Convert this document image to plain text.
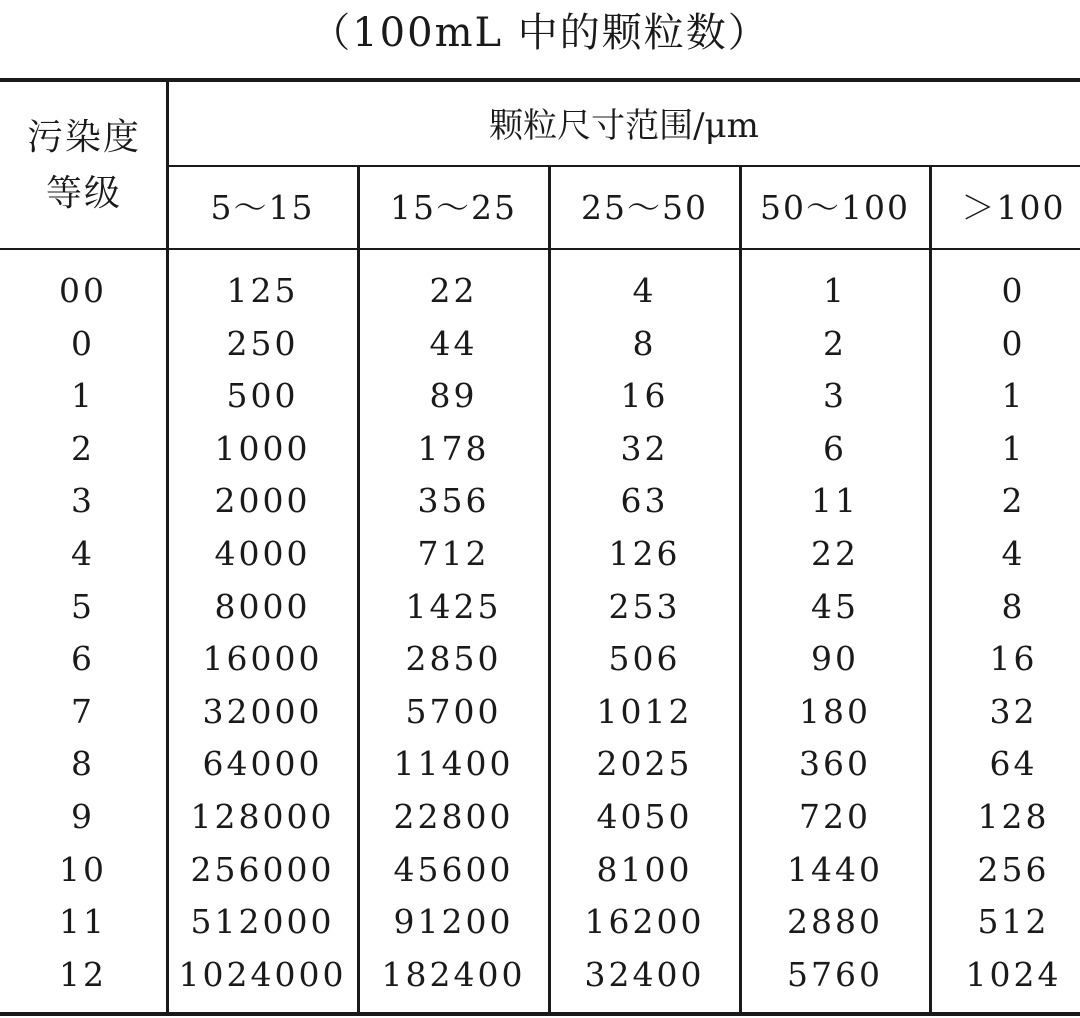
（100mL 中的颗粒数）
污染度
等级
颗粒尺寸范围/μm
5～15	15～25	25～50	50～100	＞100
00	125	22	4	1	0
0	250	44	8	2	0
1	500	89	16	3	1
2	1000	178	32	6	1
3	2000	356	63	11	2
4	4000	712	126	22	4
5	8000	1425	253	45	8
6	16000	2850	506	90	16
7	32000	5700	1012	180	32
8	64000	11400	2025	360	64
9	128000	22800	4050	720	128
10	256000	45600	8100	1440	256
11	512000	91200	16200	2880	512
12	1024000	182400	32400	5760	1024
